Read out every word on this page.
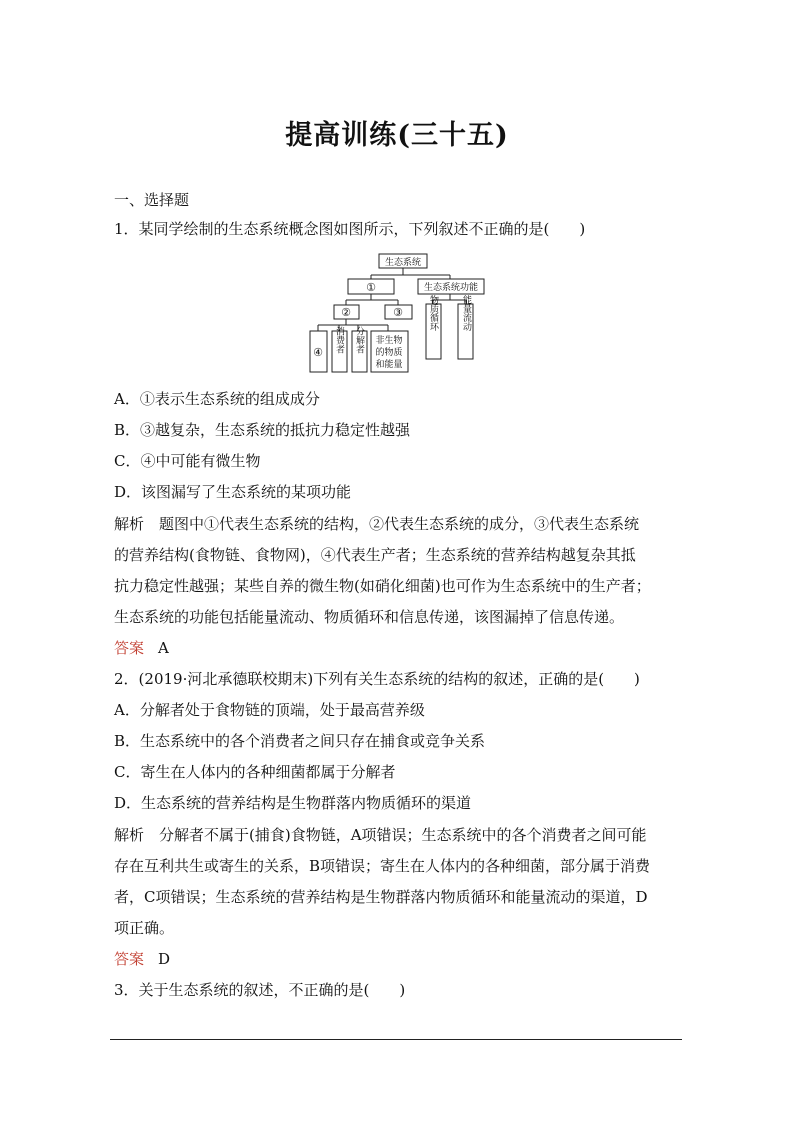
提高训练(三十五)
一、选择题
1．某同学绘制的生态系统概念图如图所示，下列叙述不正确的是(　　)
生态系统
①	生态系统功能
②	③
④ 消费者 分解者 非生物
的物质
和能量
物质循环	能量流动
A．①表示生态系统的组成成分
B．③越复杂，生态系统的抵抗力稳定性越强
C．④中可能有微生物
D．该图漏写了生态系统的某项功能
解析　题图中①代表生态系统的结构，②代表生态系统的成分，③代表生态系统
的营养结构(食物链、食物网)，④代表生产者；生态系统的营养结构越复杂其抵
抗力稳定性越强；某些自养的微生物(如硝化细菌)也可作为生态系统中的生产者；
生态系统的功能包括能量流动、物质循环和信息传递，该图漏掉了信息传递。
答案 A
2．(2019·河北承德联校期末)下列有关生态系统的结构的叙述，正确的是(　　)
A．分解者处于食物链的顶端，处于最高营养级
B．生态系统中的各个消费者之间只存在捕食或竞争关系
C．寄生在人体内的各种细菌都属于分解者
D．生态系统的营养结构是生物群落内物质循环的渠道
解析　分解者不属于(捕食)食物链，A项错误；生态系统中的各个消费者之间可能
存在互利共生或寄生的关系，B项错误；寄生在人体内的各种细菌，部分属于消费
者，C项错误；生态系统的营养结构是生物群落内物质循环和能量流动的渠道，D
项正确。
答案 D
3．关于生态系统的叙述，不正确的是(　　)
